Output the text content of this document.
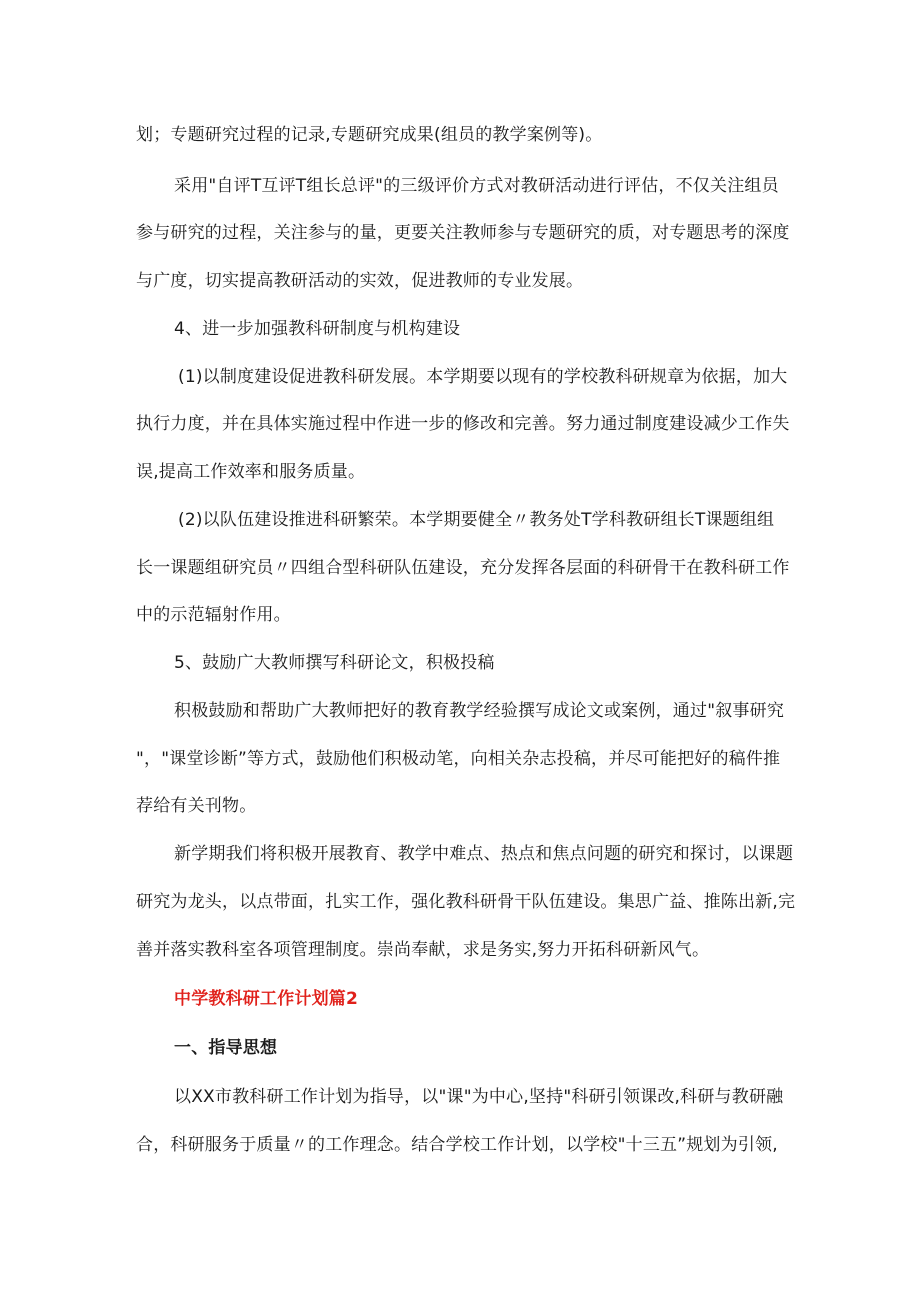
划；专题研究过程的记录,专题研究成果(组员的教学案例等)。
采用"自评T互评T组长总评"的三级评价方式对教研活动进行评估，不仅关注组员
参与研究的过程，关注参与的量，更要关注教师参与专题研究的质，对专题思考的深度
与广度，切实提高教研活动的实效，促进教师的专业发展。
4、进一步加强教科研制度与机构建设
(1)以制度建设促进教科研发展。本学期要以现有的学校教科研规章为依据，加大
执行力度，并在具体实施过程中作进一步的修改和完善。努力通过制度建设减少工作失
误,提高工作效率和服务质量。
(2)以队伍建设推进科研繁荣。本学期要健全〃教务处T学科教研组长T课题组组
长一课题组研究员〃四组合型科研队伍建设，充分发挥各层面的科研骨干在教科研工作
中的示范辐射作用。
5、鼓励广大教师撰写科研论文，积极投稿
积极鼓励和帮助广大教师把好的教育教学经验撰写成论文或案例，通过"叙事研究
"，"课堂诊断”等方式，鼓励他们积极动笔，向相关杂志投稿，并尽可能把好的稿件推
荐给有关刊物。
新学期我们将积极开展教育、教学中难点、热点和焦点问题的研究和探讨，以课题
研究为龙头，以点带面，扎实工作，强化教科研骨干队伍建设。集思广益、推陈出新,完
善并落实教科室各项管理制度。崇尚奉献，求是务实,努力开拓科研新风气。
中学教科研工作计划篇2
一、指导思想
以XX市教科研工作计划为指导，以"课"为中心,坚持"科研引领课改,科研与教研融
合，科研服务于质量〃的工作理念。结合学校工作计划，以学校"十三五”规划为引领,
